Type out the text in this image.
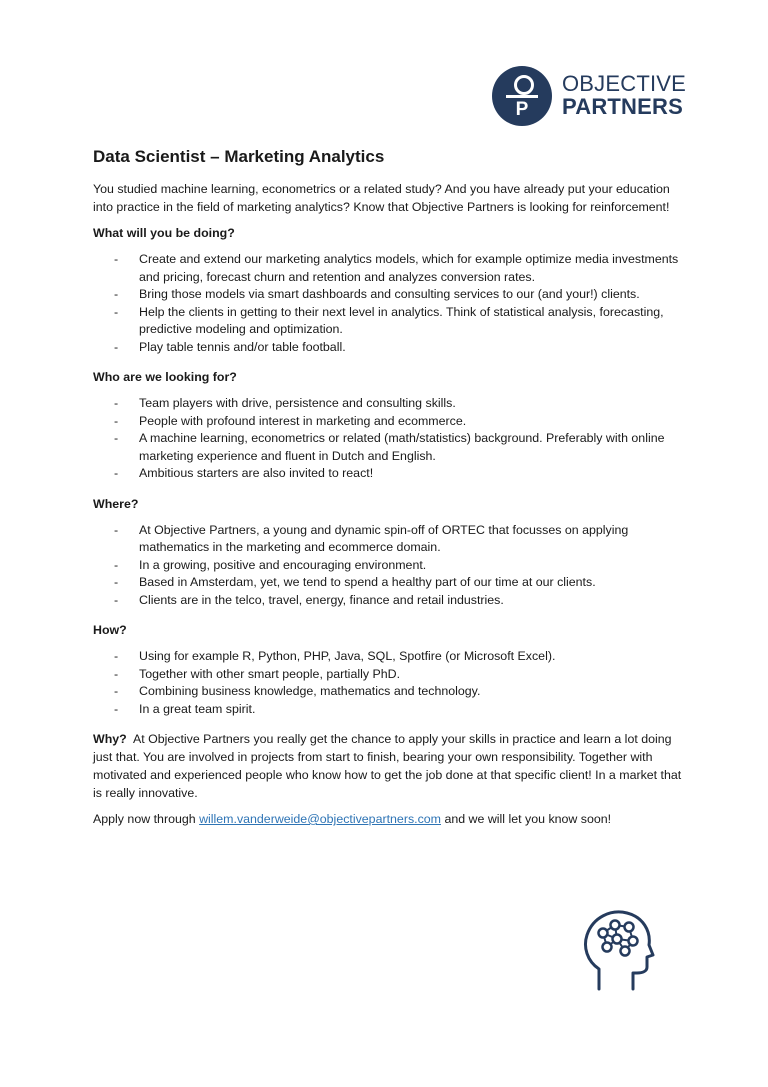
P
OBJECTIVE
PARTNERS
Data Scientist – Marketing Analytics

You studied machine learning, econometrics or a related study? And you have already put your education into practice in the field of marketing analytics? Know that Objective Partners is looking for reinforcement!

What will you be doing?
- Create and extend our marketing analytics models, which for example optimize media investments and pricing, forecast churn and retention and analyzes conversion rates.
- Bring those models via smart dashboards and consulting services to our (and your!) clients.
- Help the clients in getting to their next level in analytics. Think of statistical analysis, forecasting, predictive modeling and optimization.
- Play table tennis and/or table football.
Who are we looking for?
- Team players with drive, persistence and consulting skills.
- People with profound interest in marketing and ecommerce.
- A machine learning, econometrics or related (math/statistics) background. Preferably with online marketing experience and fluent in Dutch and English.
- Ambitious starters are also invited to react!
Where?
- At Objective Partners, a young and dynamic spin-off of ORTEC that focusses on applying mathematics in the marketing and ecommerce domain.
- In a growing, positive and encouraging environment.
- Based in Amsterdam, yet, we tend to spend a healthy part of our time at our clients.
- Clients are in the telco, travel, energy, finance and retail industries.
How?
- Using for example R, Python, PHP, Java, SQL, Spotfire (or Microsoft Excel).
- Together with other smart people, partially PhD.
- Combining business knowledge, mathematics and technology.
- In a great team spirit.

Why? At Objective Partners you really get the chance to apply your skills in practice and learn a lot doing just that. You are involved in projects from start to finish, bearing your own responsibility. Together with motivated and experienced people who know how to get the job done at that specific client! In a market that is really innovative.

Apply now through willem.vanderweide@objectivepartners.com and we will let you know soon!
